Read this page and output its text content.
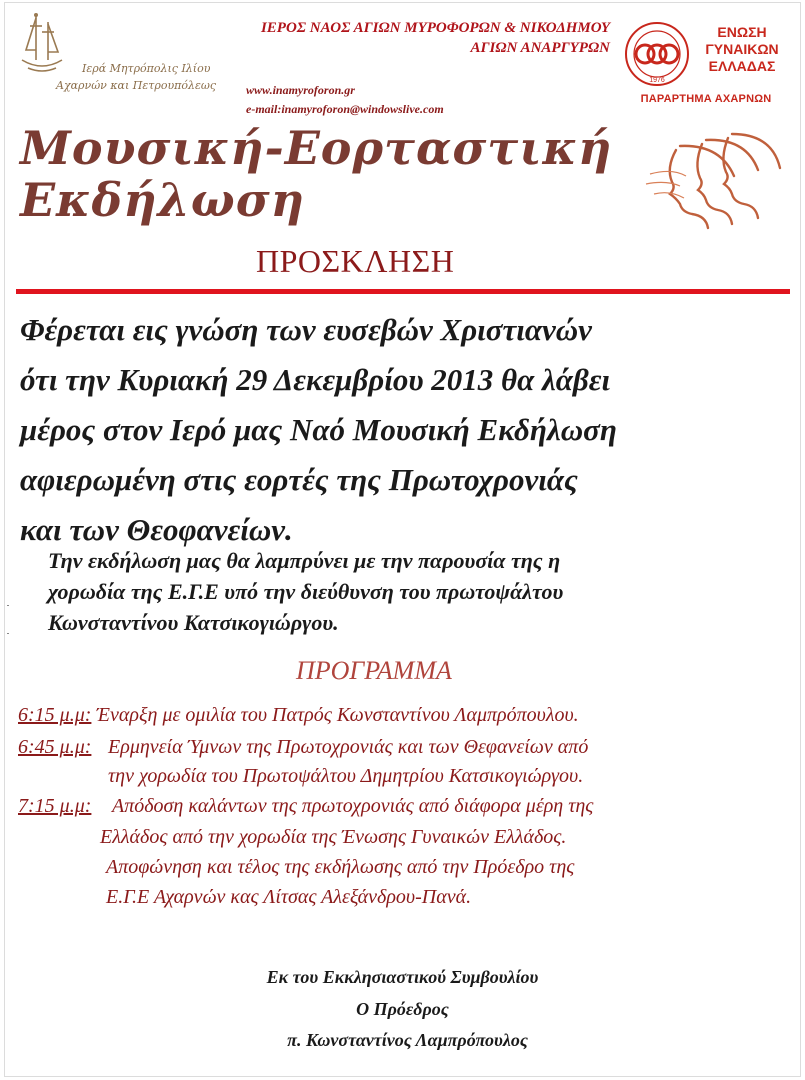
Ιερά Μητρόπολις Ιλίου
Αχαρνών και Πετρουπόλεως
ΙΕΡΟΣ ΝΑΟΣ ΑΓΙΩΝ ΜΥΡΟΦΟΡΩΝ & ΝΙΚΟΔΗΜΟΥ
ΑΓΙΩΝ ΑΝΑΡΓΥΡΩΝ
www.inamyroforon.gr
e-mail:inamyroforon@windowslive.com
1976
ΕΝΩΣΗ
ΓΥΝΑΙΚΩΝ
ΕΛΛΑΔΑΣ
ΠΑΡΑΡΤΗΜΑ ΑΧΑΡΝΩΝ
Μουσική-Εορταστική
Εκδήλωση
ΠΡΟΣΚΛΗΣΗ
Φέρεται εις γνώση των ευσεβών Χριστιανών
ότι την Κυριακή 29 Δεκεμβρίου 2013 θα λάβει
μέρος στον Ιερό μας Ναό Μουσική Εκδήλωση
αφιερωμένη στις εορτές της Πρωτοχρονιάς
και των Θεοφανείων.
Την εκδήλωση μας θα λαμπρύνει με την παρουσία της η
χορωδία της Ε.Γ.Ε υπό την διεύθυνση του πρωτοψάλτου
Κωνσταντίνου Κατσικογιώργου.
ΠΡΟΓΡΑΜΜΑ
6:15 μ.μ: Έναρξη με ομιλία του Πατρός Κωνσταντίνου Λαμπρόπουλου.
6:45 μ.μ: Ερμηνεία Ύμνων της Πρωτοχρονιάς και των Θεφανείων από
την χορωδία του Πρωτοψάλτου Δημητρίου Κατσικογιώργου.
7:15 μ.μ: Απόδοση καλάντων της πρωτοχρονιάς από διάφορα μέρη της
Ελλάδος από την χορωδία της Ένωσης Γυναικών Ελλάδος.
Αποφώνηση και τέλος της εκδήλωσης από την Πρόεδρο της
Ε.Γ.Ε Αχαρνών κας Λίτσας Αλεξάνδρου-Πανά.
Εκ του Εκκλησιαστικού Συμβουλίου
Ο Πρόεδρος
π. Κωνσταντίνος Λαμπρόπουλος
